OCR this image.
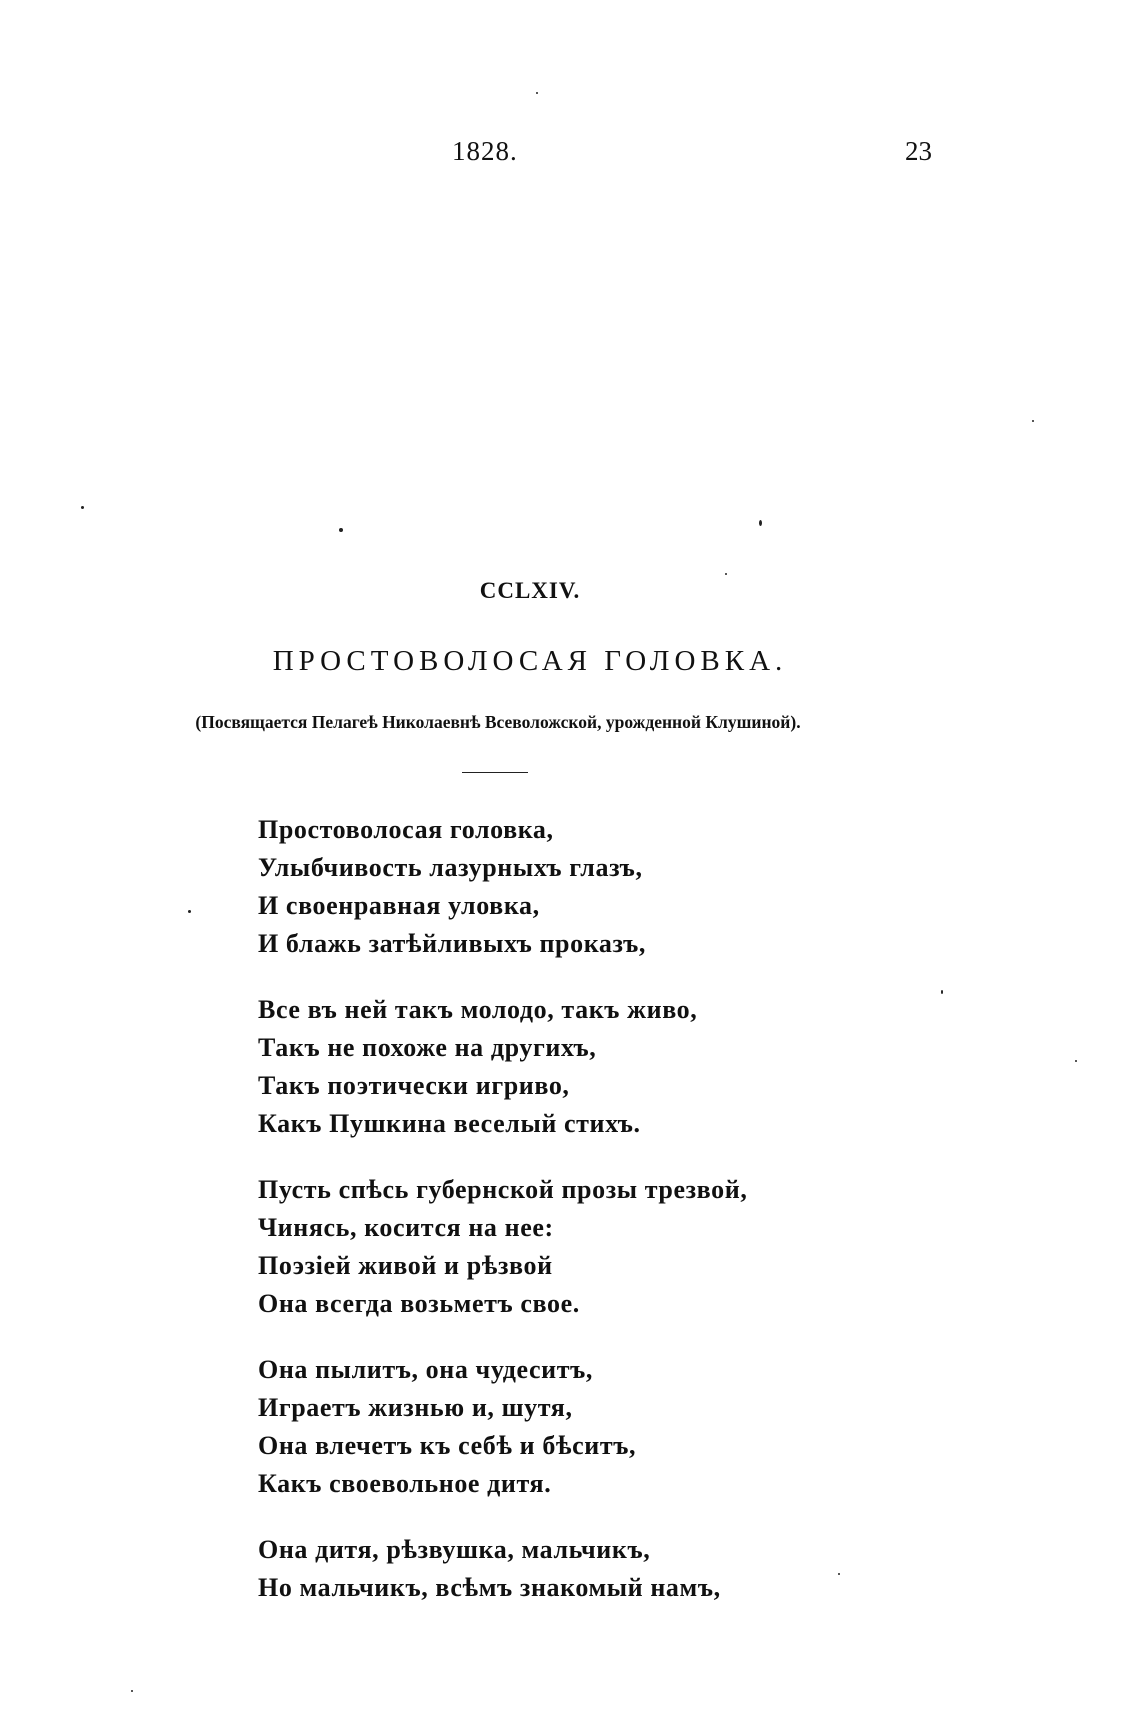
1828.	23
CCLXIV.
ПРОСТОВОЛОСАЯ ГОЛОВКА.
(Посвящается Пелагеѣ Николаевнѣ Всеволожской, урожденной Клушиной).
Простоволосая головка,
Улыбчивость лазурныхъ глазъ,
И своенравная уловка,
И блажь затѣйливыхъ проказъ,
Все въ ней такъ молодо, такъ живо,
Такъ не похоже на другихъ,
Такъ поэтически игриво,
Какъ Пушкина веселый стихъ.
Пусть спѣсь губернской прозы трезвой,
Чинясь, косится на нее:
Поэзіей живой и рѣзвой
Она всегда возьметъ свое.
Она пылитъ, она чудеситъ,
Играетъ жизнью и, шутя,
Она влечетъ къ себѣ и бѣситъ,
Какъ своевольное дитя.
Она дитя, рѣзвушка, мальчикъ,
Но мальчикъ, всѣмъ знакомый намъ,
